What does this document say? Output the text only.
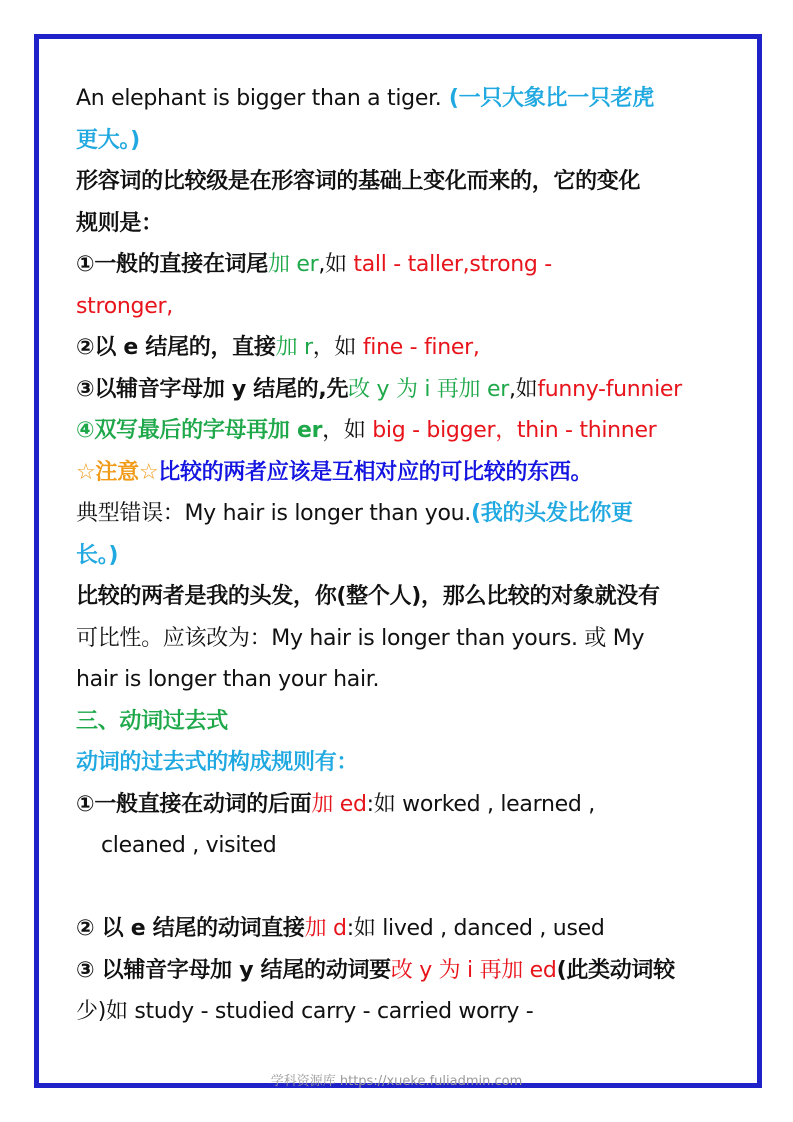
An elephant is bigger than a tiger. (一只大象比一只老虎
更大。)
形容词的比较级是在形容词的基础上变化而来的，它的变化
规则是：
①一般的直接在词尾加 er,如 tall - taller,strong -
stronger,
②以 e 结尾的，直接加 r，如 fine - finer,
③以辅音字母加 y 结尾的,先改 y 为 i 再加 er,如funny-funnier
④双写最后的字母再加 er，如 big - bigger，thin - thinner
☆注意☆比较的两者应该是互相对应的可比较的东西。
典型错误：My hair is longer than you.(我的头发比你更
长。)
比较的两者是我的头发，你(整个人)，那么比较的对象就没有
可比性。应该改为：My hair is longer than yours. 或 My
hair is longer than your hair.
三、动词过去式
动词的过去式的构成规则有：
①一般直接在动词的后面加 ed:如 worked , learned ,
cleaned , visited
② 以 e 结尾的动词直接加 d:如 lived , danced , used
③ 以辅音字母加 y 结尾的动词要改 y 为 i 再加 ed(此类动词较
少)如 study - studied carry - carried worry -
学科资源库 https://xueke.fuliadmin.com
